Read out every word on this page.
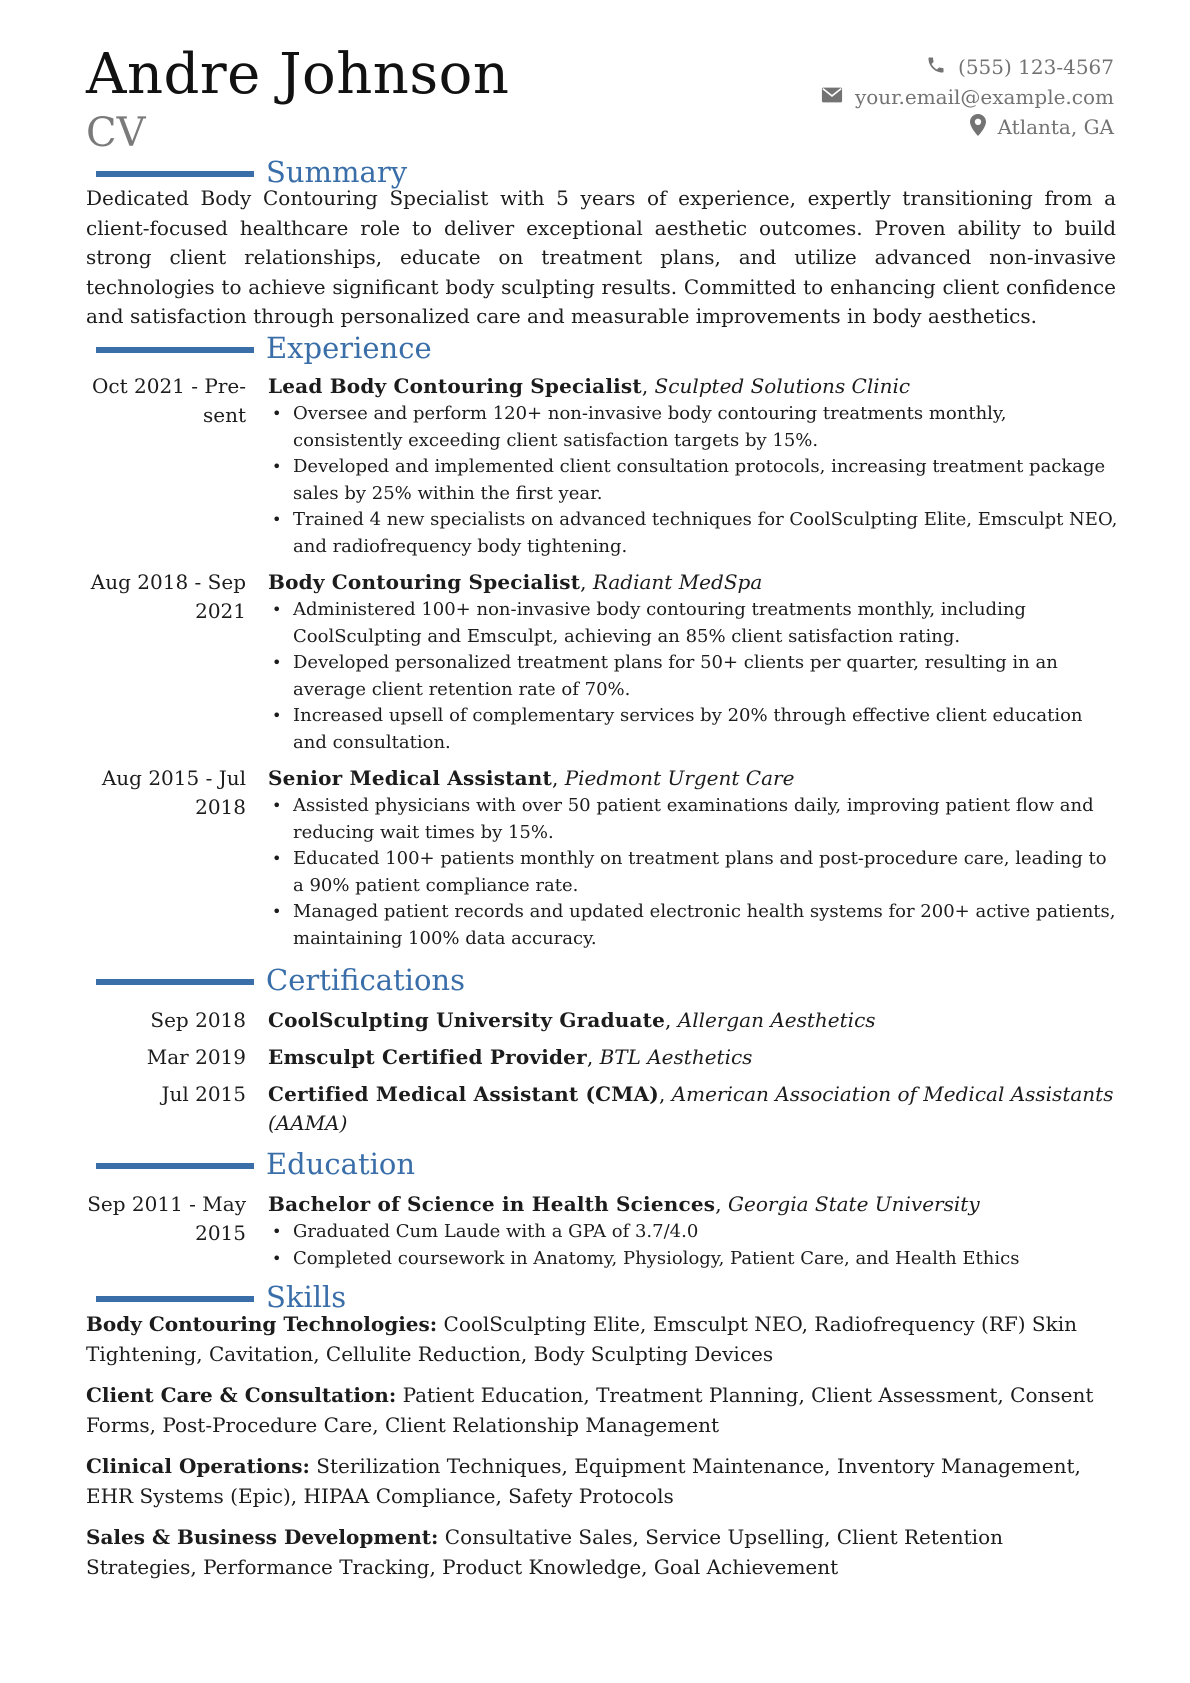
Andre Johnson
CV
(555) 123-4567
your.email@example.com
Atlanta, GA
Summary
Dedicated Body Contouring Specialist with 5 years of experience, expertly transitioning from a client-focused healthcare role to deliver exceptional aesthetic outcomes. Proven ability to build strong client relationships, educate on treatment plans, and utilize advanced non-invasive technologies to achieve significant body sculpting results. Committed to enhancing client confidence and satisfaction through personalized care and measurable improvements in body aesthetics.
Experience
Oct 2021 - Pre-
sent
Lead Body Contouring Specialist, Sculpted Solutions Clinic
• Oversee and perform 120+ non-invasive body contouring treatments monthly, consistently exceeding client satisfaction targets by 15%.
• Developed and implemented client consultation protocols, increasing treatment package sales by 25% within the first year.
• Trained 4 new specialists on advanced techniques for CoolSculpting Elite, Emsculpt NEO, and radiofrequency body tightening.
Aug 2018 - Sep
2021
Body Contouring Specialist, Radiant MedSpa
• Administered 100+ non-invasive body contouring treatments monthly, including CoolSculpting and Emsculpt, achieving an 85% client satisfaction rating.
• Developed personalized treatment plans for 50+ clients per quarter, resulting in an average client retention rate of 70%.
• Increased upsell of complementary services by 20% through effective client education and consultation.
Aug 2015 - Jul
2018
Senior Medical Assistant, Piedmont Urgent Care
• Assisted physicians with over 50 patient examinations daily, improving patient flow and reducing wait times by 15%.
• Educated 100+ patients monthly on treatment plans and post-procedure care, leading to a 90% patient compliance rate.
• Managed patient records and updated electronic health systems for 200+ active patients, maintaining 100% data accuracy.
Certifications
Sep 2018 CoolSculpting University Graduate, Allergan Aesthetics
Mar 2019 Emsculpt Certified Provider, BTL Aesthetics
Jul 2015 Certified Medical Assistant (CMA), American Association of Medical Assistants (AAMA)
Education
Sep 2011 - May
2015
Bachelor of Science in Health Sciences, Georgia State University
• Graduated Cum Laude with a GPA of 3.7/4.0
• Completed coursework in Anatomy, Physiology, Patient Care, and Health Ethics
Skills
Body Contouring Technologies: CoolSculpting Elite, Emsculpt NEO, Radiofrequency (RF) Skin Tightening, Cavitation, Cellulite Reduction, Body Sculpting Devices
Client Care & Consultation: Patient Education, Treatment Planning, Client Assessment, Consent Forms, Post-Procedure Care, Client Relationship Management
Clinical Operations: Sterilization Techniques, Equipment Maintenance, Inventory Management, EHR Systems (Epic), HIPAA Compliance, Safety Protocols
Sales & Business Development: Consultative Sales, Service Upselling, Client Retention Strategies, Performance Tracking, Product Knowledge, Goal Achievement
